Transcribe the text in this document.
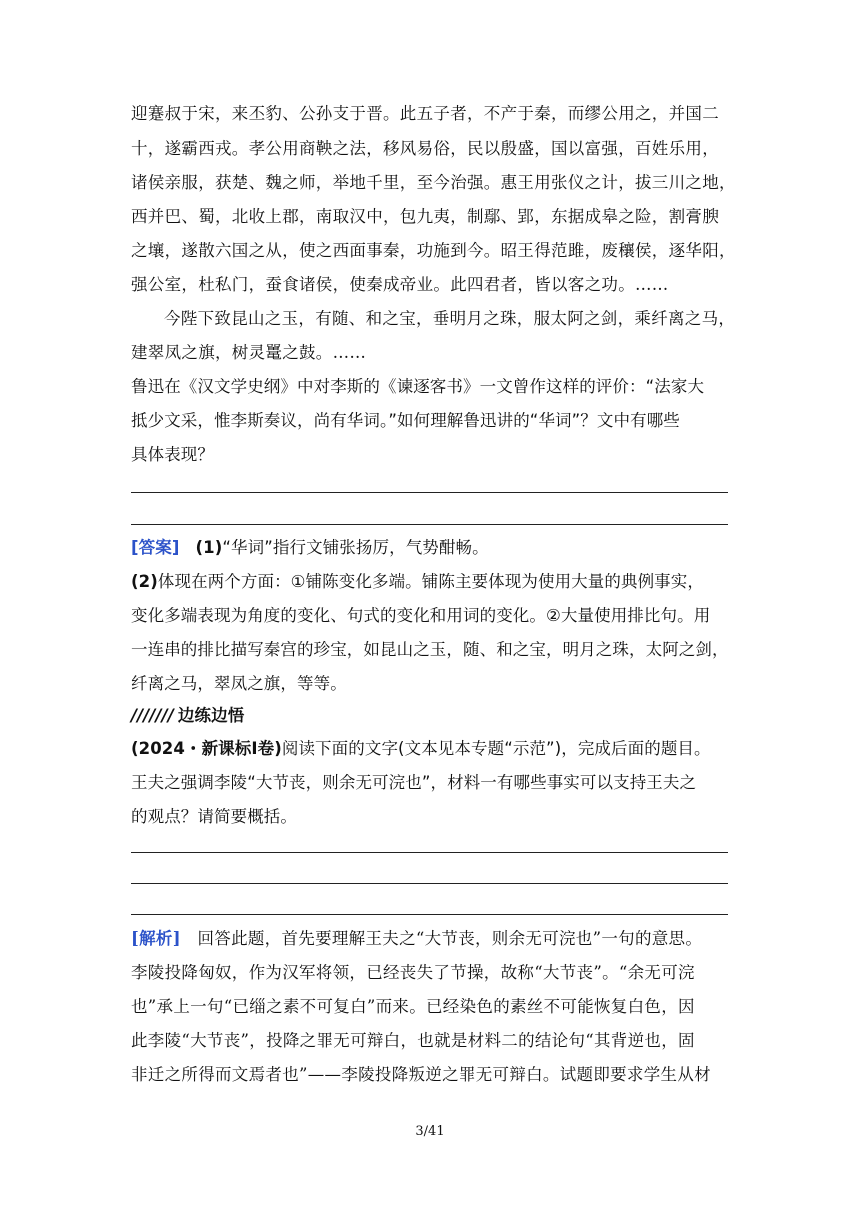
迎蹇叔于宋，来丕豹、公孙支于晋。此五子者，不产于秦，而缪公用之，并国二
十，遂霸西戎。孝公用商鞅之法，移风易俗，民以殷盛，国以富强，百姓乐用，
诸侯亲服，获楚、魏之师，举地千里，至今治强。惠王用张仪之计，拔三川之地，
西并巴、蜀，北收上郡，南取汉中，包九夷，制鄢、郢，东据成皋之险，割膏腴
之壤，遂散六国之从，使之西面事秦，功施到今。昭王得范雎，废穰侯，逐华阳，
强公室，杜私门，蚕食诸侯，使秦成帝业。此四君者，皆以客之功。……
今陛下致昆山之玉，有随、和之宝，垂明月之珠，服太阿之剑，乘纤离之马，
建翠凤之旗，树灵鼍之鼓。……
鲁迅在《汉文学史纲》中对李斯的《谏逐客书》一文曾作这样的评价：“法家大
抵少文采，惟李斯奏议，尚有华词。”如何理解鲁迅讲的“华词”？文中有哪些
具体表现？
[答案] (1)“华词”指行文铺张扬厉，气势酣畅。
(2)体现在两个方面：①铺陈变化多端。铺陈主要体现为使用大量的典例事实，
变化多端表现为角度的变化、句式的变化和用词的变化。②大量使用排比句。用
一连串的排比描写秦宫的珍宝，如昆山之玉，随、和之宝，明月之珠，太阿之剑，
纤离之马，翠凤之旗，等等。
/////// 边练边悟
(2024・新课标Ⅰ卷)阅读下面的文字(文本见本专题“示范”)，完成后面的题目。
王夫之强调李陵“大节丧，则余无可浣也”，材料一有哪些事实可以支持王夫之
的观点？请简要概括。
[解析] 回答此题，首先要理解王夫之“大节丧，则余无可浣也”一句的意思。
李陵投降匈奴，作为汉军将领，已经丧失了节操，故称“大节丧”。“余无可浣
也”承上一句“已缁之素不可复白”而来。已经染色的素丝不可能恢复白色，因
此李陵“大节丧”，投降之罪无可辩白，也就是材料二的结论句“其背逆也，固
非迁之所得而文焉者也”——李陵投降叛逆之罪无可辩白。试题即要求学生从材
3/41
